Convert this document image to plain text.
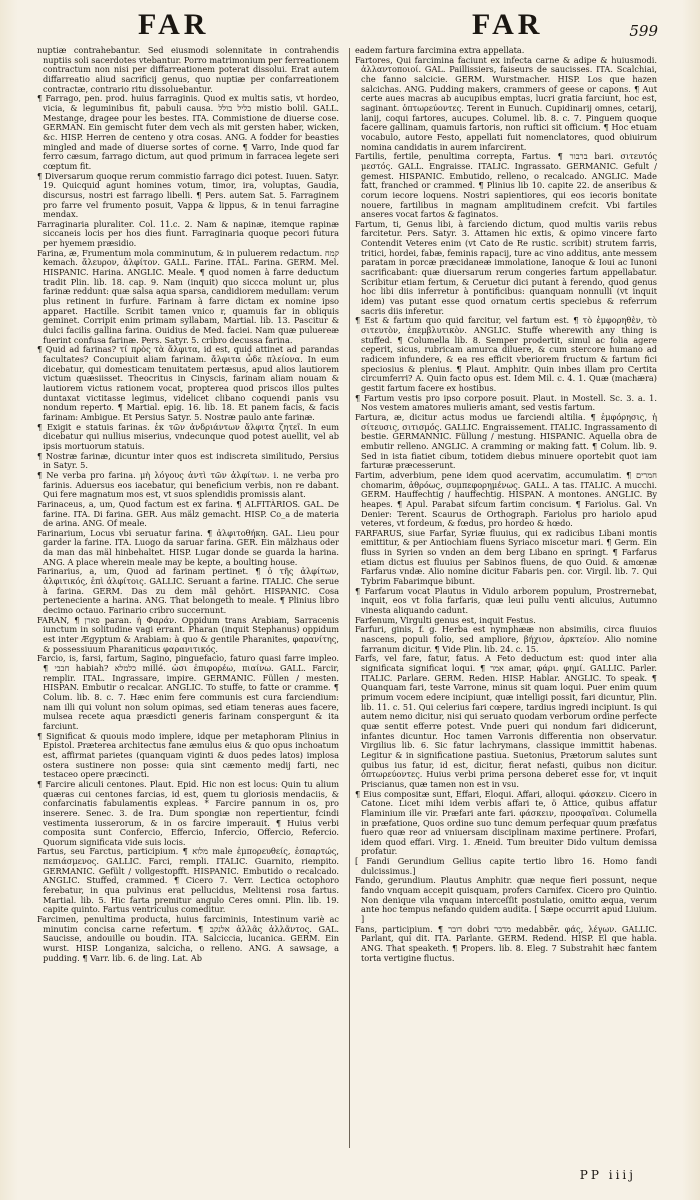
FAR	FAR	599

nuptiæ contrahebantur. Sed eiusmodi solennitate in contrahendis nuptiis soli sacerdotes vtebantur. Porro matrimonium per ferreationem contractum non nisi per diffarreationem poterat dissolui. Erat autem diffarreatio aliud sacrificij genus, quo nuptiæ per confarreationem contractæ, contrario ritu dissoluebantur.

¶ Farrago, pen. prod. huius farraginis. Quod ex multis satis, vt hordeo, vicia, & leguminibus fit, pabuli causa. בליל בולל mistio bolil. GALL. Mestange, dragee pour les bestes. ITA. Commistione de diuerse cose. GERMAN. Ein gemischt futer dem vech als mit gersten haber, wicken, &c. HISP. Herren de centeno y otra cosas. ANG. A fodder for beasties mingled and made of diuerse sortes of corne. ¶ Varro, Inde quod far ferro cæsum, farrago dictum, aut quod primum in farracea legete seri cœptum fit.

¶ Diversarum quoque rerum commistio farrago dici potest. Iuuen. Satyr. 19. Quicquid agunt homines votum, timor, ira, voluptas, Gaudia, discursus, nostri est farrago libelli. ¶ Pers. autem Sat. 5. Farraginem pro farre vel frumento posuit, Vappa & lippus, & in tenui farragine mendax.

Farraginaria pluraliter. Col. 11.c. 2. Nam & napinæ, itemque rapinæ siccaneis locis per hos dies fiunt. Farraginaria quoque pecori futura per hyemem præsidio.

Farina, æ, Frumentum mola comminutum, & in puluerem redactum. קמח kemach. ἄλευρον, ἀλφίτον. GALL. Farine. ITAL. Farina. GERM. Mel. HISPANIC. Harina. ANGLIC. Meale. ¶ quod nomen à farre deductum tradit Plin. lib. 18. cap. 9. Nam (inquit) quo siccca molunt ur, plus farinæ reddunt: quæ salsa aqua sparsa, candidiorem medullam: verum plus retinent in furfure. Farinam à farre dictam ex nomine ipso apparet. Hactille. Scribit tamen vnico r, quamuis far in obliquis geminet. Corripit enim primam syllabam, Martial. lib. 13. Pascitur & dulci facilis gallina farina. Ouidius de Med. faciei. Nam quæ puluereæ fuerint confusa farinæ. Pers. Satyr. 5. cribro decussa farina.

¶ Quid ad farinas? τί πρὸς τὰ ἄλφιτα, id est, quid attinet ad parandas facultates? Concupiuit aliam farinam. ἄλφιτα ὧδε πλείονα. In eum dicebatur, qui domesticam tenuitatem pertæsus, apud alios lautiorem victum quæsiisset. Theocritus in Cinyscis, farinam aliam nouam & lautiorem victus rationem vocat, propterea quod priscos illos pultes duntaxat victitasse legimus, videlicet clibano coquendi panis vsu nondum reperto. ¶ Martial. epig. 16. lib. 18. Et panem facis, & facis farinam: Ambigue. Et Persius Satyr. 5. Nostræ paulo ante farinæ.

¶ Exigit e statuis farinas. ἐκ τῶν ἀνδριάντων ἄλφιτα ζητεῖ. In eum dicebatur qui nullius miserius, vndecunque quod potest auellit, vel ab ipsis mortuorum statuis.

¶ Nostræ farinæ, dicuntur inter quos est indiscreta similitudo, Persius in Satyr. 5.

¶ Ne verba pro farina. μὴ λόγους ἀντὶ τῶν ἀλφίτων. i. ne verba pro farinis. Aduersus eos iacebatur, qui beneficium verbis, non re dabant. Qui fere magnatum mos est, vt suos splendidis promissis alant.

Farinaceus, a, um, Quod factum est ex farina. ¶ ALFITÀRIOS. GAL. De farine. ITA. Di farina. GER. Aus mälz gemacht. HISP. Co_a de materia de arina. ANG. Of meale.

Farinarium, Locus vbi seruatur farina. ¶ ἀλφιτοθήκη. GAL. Lieu pour garder la farine. ITA. Luogo da saruar farina. GER. Ein mälzhaus oder da man das mäl hinbehaltet. HISP. Lugar donde se guarda la harina. ANG. A place wherein meale may be kepte, a boulting house.

Farinarius, a, um, Quod ad farinam pertinet. ¶ ὁ τῆς ἀλφίτων, ἀλφιτικός, ἐπὶ ἀλφίτοις. GALLIC. Seruant a farine. ITALIC. Che serue à farina. GERM. Das zu dem mäl gehört. HISPANIC. Cosa perteneciente a harina. ANG. That belongeth to meale. ¶ Plinius libro decimo octauo. Farinario cribro succernunt.

FARAN, ¶ פארן paran. ἡ Φαράν. Oppidum trans Arabiam, Sarracenis iunctum in solitudine vagi errant. Pharan (inquit Stephanus) oppidum est inter Ægyptum & Arabiam: à quo & gentile Pharanites, φαρανίτης, & possessiuum Pharaniticus φαρανιτικός.

Farcio, is, farsi, fartum, Sagino, pinguefacio, faturo quasi farre impleo. ¶ חבבי habiah? כלמלא millé. ὡσι ἐπιφορέω, πιαίνω. GALL. Farcir, remplir. ITAL. Ingrassare, impire. GERMANIC. Füllen / mesten. HISPAN. Embutir o recalcar. ANGLIC. To stuffe, to fatte or cramme. ¶ Colum. lib. 8. c. 7. Hæc enim fere communis est cura farciendium: nam illi qui volunt non solum opimas, sed etiam teneras aues facere, mulsea recete aqua præsdicti generis farinam conspergunt & ita farciunt.

¶ Significat & quouis modo implere, idque per metaphoram Plinius in Epistol. Præterea architectus fane æmulus eius & quo opus inchoatum est, affirmat parietes (quanquam viginti & duos pedes latos) implosa ostera sustinere non posse: quia sint cæmento medij farti, nec testaceo opere præcincti.

¶ Farcire aliculi centones. Plaut. Epid. Hic non est locus: Quin tu alium quæras cui centones farcias, id est, quem tu gloriosis mendaciis, & confarcinatis fabulamentis expleas. * Farcire pannum in os, pro inserere. Senec. 3. de Ira. Dum spongiæ non repertientur, fcindi vestimenta iusserorum, & in os farcire imperauit. ¶ Huius verbi composita sunt Confercio, Effercio, Infercio, Offercio, Refercio. Quorum significata vide suis locis.

Fartus, seu Farctus, participium. ¶ מלוא male ἐμπορευθείς, ἐσπαρτώς, πεπιάσμενος. GALLIC. Farci, rempli. ITALIC. Guarnito, riempito. GERMANIC. Gefült / vollgestopfft. HISPANIC. Embutido o recalcado. ANGLIC. Stuffed, crammed. ¶ Cicero 7. Verr. Lectica octophoro ferebatur, in qua pulvinus erat pellucidus, Melitensi rosa fartus. Martial. lib. 5. Hic farta premitur angulo Ceres omni. Plin. lib. 19. capite quinto. Fartus ventriculus comeditur.

Farcimen, penultima producta, huius farciminis, Intestinum variè ac minutim concisa carne refertum. ¶ אלנקב ἀλλᾶς ἀλλᾶντος. GAL. Saucisse, andouille ou boudin. ITA. Salciccia, lucanica. GERM. Ein wurst. HISP. Longaniza, salcicha, o relleno. ANG. A sawsage, a pudding. ¶ Varr. lib. 6. de ling. Lat. Ab

eadem fartura farcimina extra appellata.

Fartores, Qui farcimina faciunt ex infecta carne & adipe & huiusmodi. ἀλλαντοποιοί. GAL. Paillissiers, faiseurs de saucisses. ITA. Scalchiai, che fanno salcicie. GERM. Wurstmacher. HISP. Los que hazen salcichas. ANG. Pudding makers, crammers of geese or capons. ¶ Aut certe aues macras ab aucupibus emptas, lucri gratia farciunt, hoc est, saginant. ὁπτωρεύοντες. Terent in Eunuch. Cupidinarij omnes, cetarij, lanij, coqui fartores, aucupes. Columel. lib. 8. c. 7. Pinguem quoque facere gallinam, quamuis fartoris, non ruftici sit officium. ¶ Hoc etuam vocabulo, autore Festo, appellati fuit nomenclatores, quod obiuirum nomina candidatis in aurem infarcirent.

Fartilis, fertile, penultima correpta, Fartus. ¶ ברבור bari. σιτευτός μεστός. GALL. Engraisse. ITALIC. Ingrassato. GERMANIC. Gefult / gemest. HISPANIC. Embutido, relleno, o recalcado. ANGLIC. Made fatt, franched or crammed. ¶ Plinius lib 10. capite 22. de anseribus & corum iecore loquens. Nostri sapientiores, qui eos iecoris bonitate nouere, fartilibus in magnam amplitudinem crefcit. Vbi fartiles anseres vocat fartos & faginatos.

Fartum, ti, Genus libi, à farciendo dictum, quod multis variis rebus farcitetur. Pers. Satyr. 3. Attamen hic extis, & opimo vincere farto Contendit Veteres enim (vt Cato de Re rustic. scribit) strutem farris, tritici, hordei, fabæ, feminis rapacij, ture ac vino additus, ante messem paratam in porcæ præcidaneæ immolatione, Ianoque & Ioui ac Iunoni sacrificabant: quæ diuersarum rerum congeries fartum appellabatur. Scribitur etiam fertum, & Ceruetur dici putant à ferendo, quod genus hoc libi diis inferretur à pontificibus: quanquam nonnulli (vt inquit idem) vas putant esse quod ornatum certis speciebus & referrum sacris diis inferetur.

¶ Est & fartum quo quid farcitur, vel fartum est. ¶ τὸ ἐμφορηθὲν, τὸ σιτευτὸν, ἐπεμβλυτικὸν. ANGLIC. Stuffe wherewith any thing is stuffed. ¶ Columella lib. 8. Semper prodertit, simul ac folia agere ceperit, sicus, rubricam amurca diluere, & cum stercore humano ad radicem infundere, & ea res efficit vberiorem fructum & fartum fici speciosius & plenius. ¶ Plaut. Amphitr. Quin inbes illam pro Certita circumferri? A. Quin facto opus est. Idem Mil. c. 4. 1. Quæ (machæra) gestit fartum facere ex hostibus.

¶ Fartum vestis pro ipso corpore posuit. Plaut. in Mostell. Sc. 3. a. 1. Nos vestem amatores mulieris amant, sed vestis fartum.

Fartura, æ, dicitur actus modus ue farciendi altilia. ¶ ἐμφόρησις, ἡ σίτευσις, σιτισμός. GALLIC. Engraissement. ITALIC. Ingrassamento di bestie. GERMANNIC. Füllung / mestung. HISPANIC. Aquella obra de embutir relleno. ANGLIC. A cramming or making fatt. ¶ Colum. lib. 9. Sed in ista fiatiet cibum, totidem diebus minuere oportebit quot iam farturæ præcesserunt.

Fartim, adverbium, pene idem quod acervatim, accumulatim. ¶ חמרים chomarim, ἀθρόως, συμπεφορημένως. GALL. A tas. ITALIC. A mucchi. GERM. Hauffechtig / hauffechtig. HISPAN. A montones. ANGLIC. By heapes. ¶ Apul. Parabat sifcum fartim concisum. ¶ Fariolus. Gal. Vn Denier: Terent. Scaurus de Orthograph. Fariolus pro hariolo apud veteres, vt fordeum, & fœdus, pro hordeo & hœdo.

FARFARUS, siue Farfar, Syriæ fluuius, qui ex radicibus Libani montis emittitur, & per Antiochiam fluens Syriaco miscetur mari. ¶ Germ. Ein fluss in Syrien so vnden an dem berg Libano en springt. ¶ Farfarus etiam dictus est fluuius per Sabinos fluens, de quo Ouid. & amœnæ Farfarus vndæ. Alio nomine dicitur Fabaris pen. cor. Virgil. lib. 7. Qui Tybrim Fabarimque bibunt.

¶ Farfarum vocat Plautus in Vidulo arborem populum, Prostrernebat, inquit, eos vt folia farfaris, quæ leui pullu venti alicuius, Autumno vinesta aliquando cadunt.

Farfenum, Virgulti genus est, inquit Festus.

Farfuri, ginis, f. g. Herba est nymphææ non absimilis, circa fluuios nascens, populi folio, sed ampliore, βήχιον, ἀρκτείον. Alio nomine farranum dicitur. ¶ Vide Plin. lib. 24. c. 15.

Farfs, vel fare, fatur, fatus. A Feto deductum est: quod inter alia significata significat loqui. ¶ אמר amar, φάρι. φημί. GALLIC. Parler. ITALIC. Parlare. GERM. Reden. HISP. Hablar. ANGLIC. To speak. ¶ Quanquam fari, teste Varrone, minus sit quam loqui. Puer enim quum primum vocem edere incipiunt, quæ intelligi possit, fari dicuntur, Plin. lib. 11. c. 51. Qui celerius fari cœpere, tardius ingredi incipiunt. Is qui autem nemo dicitur, nisi qui seruato quodam verborum ordine perfecte quæ sentit efferre potest. Vnde pueri qui nondum fari didicerunt, infantes dicuntur. Hoc tamen Varronis differentia non observatur. Virgilius lib. 6. Sic fatur lachrymans, classique immittit habenas. Legitur & in significatione pastiua. Suetonius, Prætorum salutes sunt quibus ius fatur, id est, dicitur, fierat nefasti, quibus non dicitur. ὀπτωρεύοντες. Huius verbi prima persona deberet esse for, vt inquit Priscianus, quæ tamen non est in vsu.

¶ Eius compositæ sunt, Effari, Eloqui. Affari, alloqui. φάσκειν. Cicero in Catone. Licet mihi idem verbis affari te, ö Attice, quibus affatur Flaminium ille vir. Præfari ante fari. φάσκειν, προσφαῖναι. Columella in præfatione, Quos ordine suo tunc demum perfequar quum præfatus fuero quæ reor ad vniuersam disciplinam maxime pertinere. Profari, idem quod effari. Virg. 1. Æneid. Tum breuiter Dido vultum demissa profatur.

[ Fandi Gerundium Gellius capite tertio libro 16. Homo fandi dulcissimus.]

Fando, gerundium. Plautus Amphitr. quæ neque fieri possunt, neque fando vnquam accepit quisquam, profers Carnifex. Cicero pro Quintio. Non denique vila vnquam interceſſit postulatio, omitto æqua, verum ante hoc tempus nefando quidem audita. [ Sæpe occurrit apud Liuium. ]

Fans, participium. ¶ דובר dobri מדבר medabbēr. φάς, λέγων. GALLIC. Parlant, qui dit. ITA. Parlante. GERM. Redend. HISP. El que habla. ANG. That speaketh. ¶ Propers. lib. 8. Eleg. 7 Substrahit hæc fantem torta vertigine fluctus.

PP iiij
